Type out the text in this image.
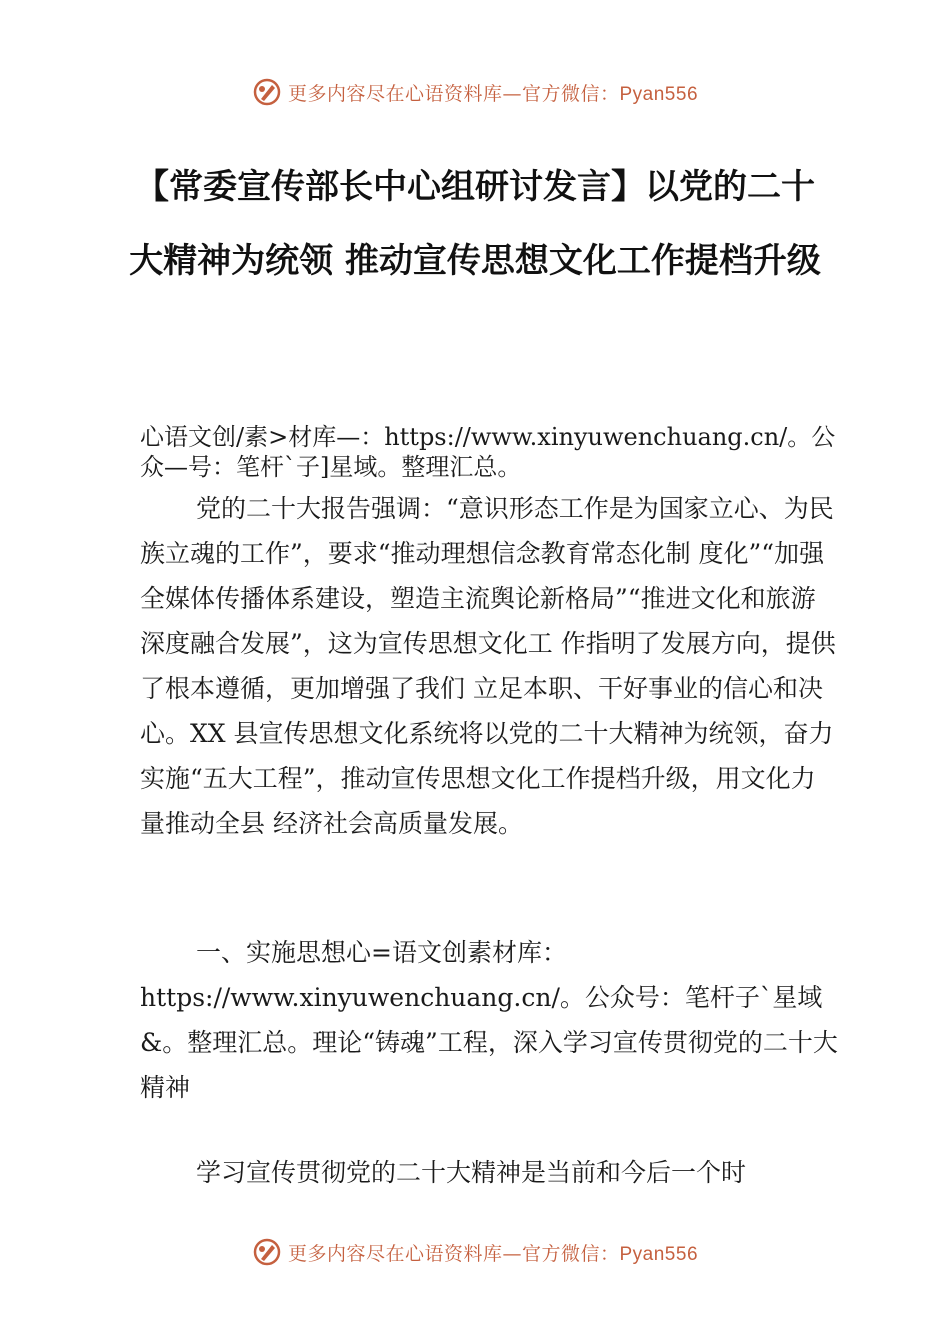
更多内容尽在心语资料库—官方微信：Pyan556
【常委宣传部长中心组研讨发言】以党的二十大精神为统领 推动宣传思想文化工作提档升级

心语文创/素>材库—：https://www.xinyuwenchuang.cn/。公众—号：笔杆`子]星域。整理汇总。

党的二十大报告强调：“意识形态工作是为国家立心、为民族立魂的工作”，要求“推动理想信念教育常态化制 度化”“加强全媒体传播体系建设，塑造主流舆论新格局”“推进文化和旅游深度融合发展”，这为宣传思想文化工 作指明了发展方向，提供了根本遵循，更加增强了我们 立足本职、干好事业的信心和决心。XX 县宣传思想文化系统将以党的二十大精神为统领，奋力实施“五大工程”，推动宣传思想文化工作提档升级，用文化力量推动全县 经济社会高质量发展。

一、实施思想心=语文创素材库：https://www.xinyuwenchuang.cn/。公众号：笔杆子`星域&。整理汇总。理论“铸魂”工程，深入学习宣传贯彻党的二十大精神

学习宣传贯彻党的二十大精神是当前和今后一个时

更多内容尽在心语资料库—官方微信：Pyan556
